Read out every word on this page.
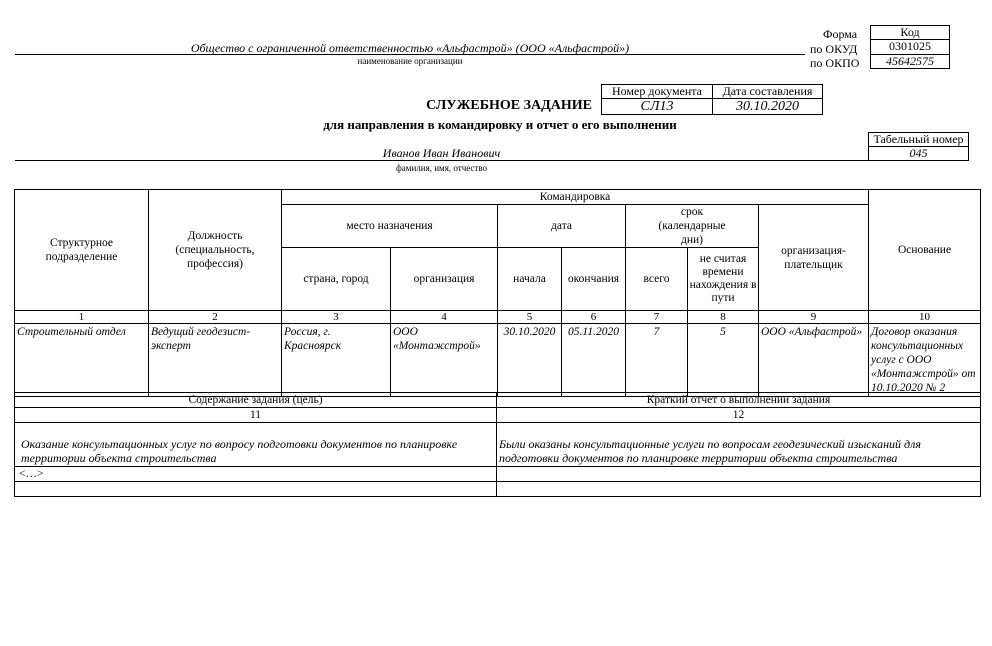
Форма	Код
по ОКУД	0301025
по ОКПО	45642575
Общество с ограниченной ответственностью «Альфастрой» (ООО «Альфастрой»)
наименование организации
Номер документа	Дата составления
СЛ13	30.10.2020
СЛУЖЕБНОЕ ЗАДАНИЕ
для направления в командировку и отчет о его выполнении
Табельный номер
045
Иванов Иван Иванович
фамилия, имя, отчество
Структурное подразделение	Должность (специальность, профессия)	Командировка							Основание
		место назначения		дата		срок (календарные дни)		организация-плательщик	
		страна, город	организация	начала	окончания	всего	не считая времени нахождения в пути		
1	2	3	4	5	6	7	8	9	10
Строительный отдел	Ведущий геодезист-эксперт	Россия, г. Красноярск	ООО «Монтажстрой»	30.10.2020	05.11.2020	7	5	ООО «Альфастрой»	Договор оказания консультационных услуг с ООО «Монтажстрой» от 10.10.2020 № 2
Содержание задания (цель)	Краткий отчет о выполнении задания
11	12
Оказание консультационных услуг по вопросу подготовки документов по планировке территории объекта строительства	Были оказаны консультационные услуги по вопросам геодезический изысканий для подготовки документов по планировке территории объекта строительства
<…>	
